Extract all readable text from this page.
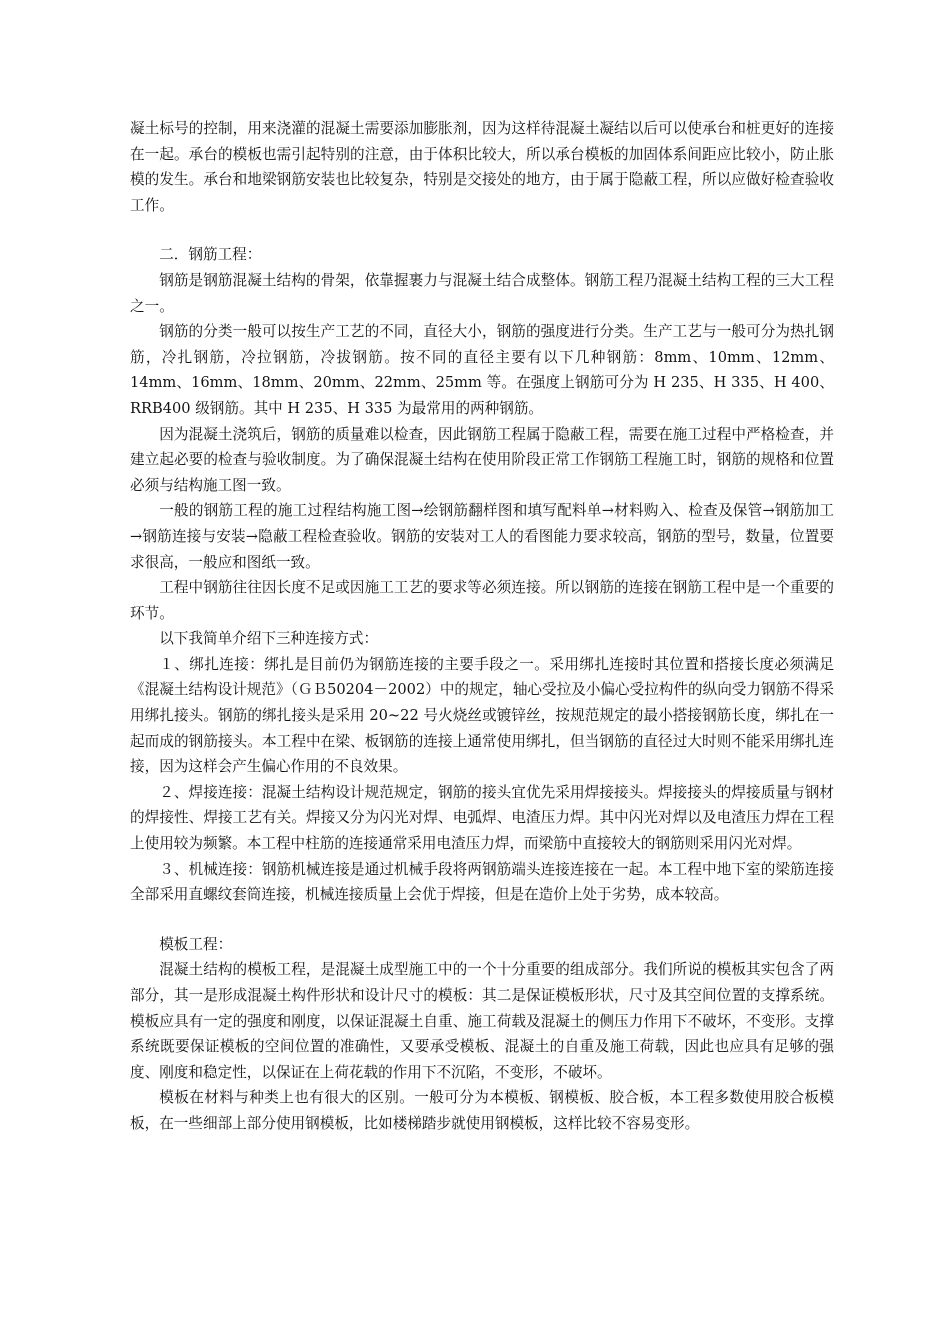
凝土标号的控制，用来浇灌的混凝土需要添加膨胀剂，因为这样待混凝土凝结以后可以使承台和桩更好的连接在一起。承台的模板也需引起特别的注意，由于体积比较大，所以承台模板的加固体系间距应比较小，防止胀模的发生。承台和地梁钢筋安装也比较复杂，特别是交接处的地方，由于属于隐蔽工程，所以应做好检查验收工作。

二．钢筋工程：

钢筋是钢筋混凝土结构的骨架，依靠握裹力与混凝土结合成整体。钢筋工程乃混凝土结构工程的三大工程之一。

钢筋的分类一般可以按生产工艺的不同，直径大小，钢筋的强度进行分类。生产工艺与一般可分为热扎钢筋，冷扎钢筋，冷拉钢筋，冷拔钢筋。按不同的直径主要有以下几种钢筋：8mm、10mm、12mm、14mm、16mm、18mm、20mm、22mm、25mm 等。在强度上钢筋可分为 H 235、H 335、H 400、RRB400 级钢筋。其中 H 235、H 335 为最常用的两种钢筋。

因为混凝土浇筑后，钢筋的质量难以检查，因此钢筋工程属于隐蔽工程，需要在施工过程中严格检查，并建立起必要的检查与验收制度。为了确保混凝土结构在使用阶段正常工作钢筋工程施工时，钢筋的规格和位置必须与结构施工图一致。

一般的钢筋工程的施工过程结构施工图→绘钢筋翻样图和填写配料单→材料购入、检查及保管→钢筋加工→钢筋连接与安装→隐蔽工程检查验收。钢筋的安装对工人的看图能力要求较高，钢筋的型号，数量，位置要求很高，一般应和图纸一致。

工程中钢筋往往因长度不足或因施工工艺的要求等必须连接。所以钢筋的连接在钢筋工程中是一个重要的环节。

以下我简单介绍下三种连接方式：

１、绑扎连接：绑扎是目前仍为钢筋连接的主要手段之一。采用绑扎连接时其位置和搭接长度必须满足《混凝土结构设计规范》（ＧＢ50204－2002）中的规定，轴心受拉及小偏心受拉构件的纵向受力钢筋不得采用绑扎接头。钢筋的绑扎接头是采用 20~22 号火烧丝或镀锌丝，按规范规定的最小搭接钢筋长度，绑扎在一起而成的钢筋接头。本工程中在梁、板钢筋的连接上通常使用绑扎，但当钢筋的直径过大时则不能采用绑扎连接，因为这样会产生偏心作用的不良效果。

２、焊接连接：混凝土结构设计规范规定，钢筋的接头宜优先采用焊接接头。焊接接头的焊接质量与钢材的焊接性、焊接工艺有关。焊接又分为闪光对焊、电弧焊、电渣压力焊。其中闪光对焊以及电渣压力焊在工程上使用较为频繁。本工程中柱筋的连接通常采用电渣压力焊，而梁筋中直接较大的钢筋则采用闪光对焊。

３、机械连接：钢筋机械连接是通过机械手段将两钢筋端头连接连接在一起。本工程中地下室的梁筋连接全部采用直螺纹套筒连接，机械连接质量上会优于焊接，但是在造价上处于劣势，成本较高。

模板工程：

混凝土结构的模板工程，是混凝土成型施工中的一个十分重要的组成部分。我们所说的模板其实包含了两部分，其一是形成混凝土构件形状和设计尺寸的模板：其二是保证模板形状，尺寸及其空间位置的支撑系统。模板应具有一定的强度和刚度，以保证混凝土自重、施工荷载及混凝土的侧压力作用下不破坏，不变形。支撑系统既要保证模板的空间位置的准确性，又要承受模板、混凝土的自重及施工荷载，因此也应具有足够的强度、刚度和稳定性，以保证在上荷花载的作用下不沉陷，不变形，不破坏。

模板在材料与种类上也有很大的区别。一般可分为本模板、钢模板、胶合板，本工程多数使用胶合板模板，在一些细部上部分使用钢模板，比如楼梯踏步就使用钢模板，这样比较不容易变形。
